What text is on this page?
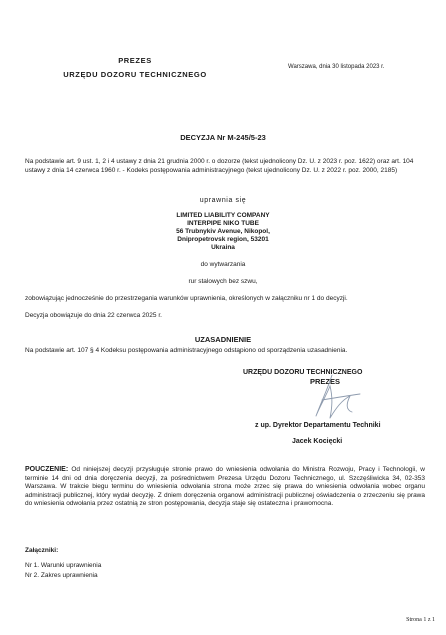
PREZES
URZĘDU DOZORU TECHNICZNEGO
Warszawa, dnia 30 listopada 2023 r.
DECYZJA Nr M-245/5-23
Na podstawie art. 9 ust. 1, 2 i 4 ustawy z dnia 21 grudnia 2000 r. o dozorze (tekst ujednolicony Dz. U. z 2023 r. poz. 1622) oraz art. 104 ustawy z dnia 14 czerwca 1960 r. - Kodeks postępowania administracyjnego (tekst ujednolicony Dz. U. z 2022 r. poz. 2000, 2185)
uprawnia się
LIMITED LIABILITY COMPANY
INTERPIPE NIKO TUBE
56 Trubnykiv Avenue, Nikopol,
Dnipropetrovsk region, 53201
Ukraina
do wytwarzania
rur stalowych bez szwu,
zobowiązując jednocześnie do przestrzegania warunków uprawnienia, określonych w załączniku nr 1 do decyzji.
Decyzja obowiązuje do dnia 22 czerwca 2025 r.
UZASADNIENIE
Na podstawie art. 107 § 4 Kodeksu postępowania administracyjnego odstąpiono od sporządzenia uzasadnienia.
PREZES
URZĘDU DOZORU TECHNICZNEGO
z up. Dyrektor Departamentu Techniki
Jacek Kocięcki
POUCZENIE: Od niniejszej decyzji przysługuje stronie prawo do wniesienia odwołania do Ministra Rozwoju, Pracy i Technologii, w terminie 14 dni od dnia doręczenia decyzji, za pośrednictwem Prezesa Urzędu Dozoru Technicznego, ul. Szczęśliwicka 34, 02-353 Warszawa. W trakcie biegu terminu do wniesienia odwołania strona może zrzec się prawa do wniesienia odwołania wobec organu administracji publicznej, który wydał decyzję. Z dniem doręczenia organowi administracji publicznej oświadczenia o zrzeczeniu się prawa do wniesienia odwołania przez ostatnią ze stron postępowania, decyzja staje się ostateczna i prawomocna.
Załączniki:
Nr 1. Warunki uprawnienia
Nr 2. Zakres uprawnienia
Strona 1 z 1
